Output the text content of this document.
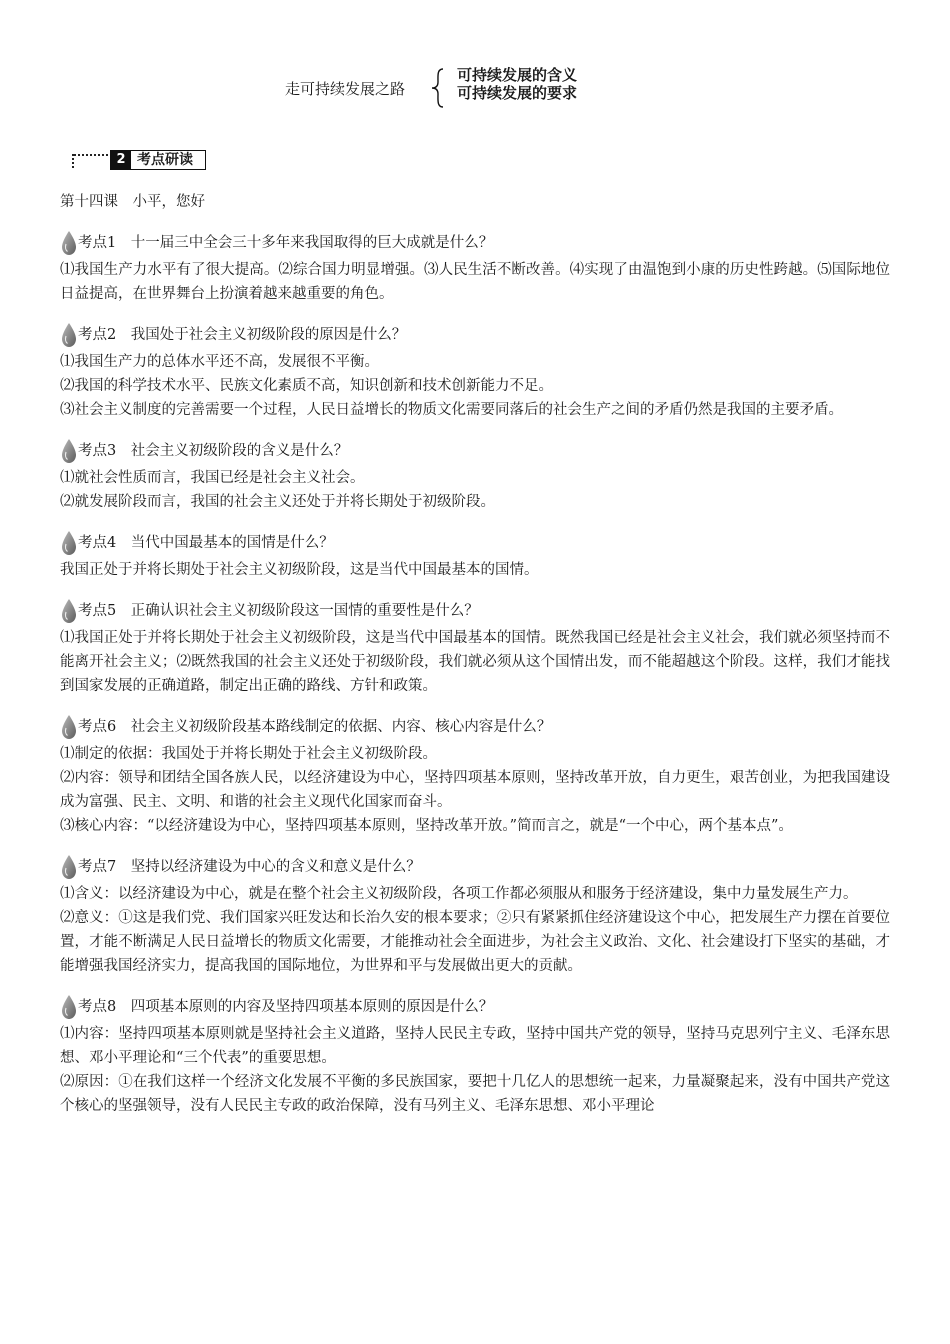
走可持续发展之路
可持续发展的含义
可持续发展的要求
2 考点研读
第十四课　小平，您好
考点1　 十一届三中全会三十多年来我国取得的巨大成就是什么？

⑴我国生产力水平有了很大提高。⑵综合国力明显增强。⑶人民生活不断改善。⑷实现了由温饱到小康的历史性跨越。⑸国际地位日益提高，在世界舞台上扮演着越来越重要的角色。

考点2　 我国处于社会主义初级阶段的原因是什么？

⑴我国生产力的总体水平还不高，发展很不平衡。

⑵我国的科学技术水平、民族文化素质不高，知识创新和技术创新能力不足。

⑶社会主义制度的完善需要一个过程，人民日益增长的物质文化需要同落后的社会生产之间的矛盾仍然是我国的主要矛盾。

考点3　 社会主义初级阶段的含义是什么？

⑴就社会性质而言，我国已经是社会主义社会。

⑵就发展阶段而言，我国的社会主义还处于并将长期处于初级阶段。

考点4　 当代中国最基本的国情是什么？

我国正处于并将长期处于社会主义初级阶段，这是当代中国最基本的国情。

考点5　 正确认识社会主义初级阶段这一国情的重要性是什么？

⑴我国正处于并将长期处于社会主义初级阶段，这是当代中国最基本的国情。既然我国已经是社会主义社会，我们就必须坚持而不能离开社会主义；⑵既然我国的社会主义还处于初级阶段，我们就必须从这个国情出发，而不能超越这个阶段。这样，我们才能找到国家发展的正确道路，制定出正确的路线、方针和政策。

考点6　 社会主义初级阶段基本路线制定的依据、内容、核心内容是什么？

⑴制定的依据：我国处于并将长期处于社会主义初级阶段。

⑵内容：领导和团结全国各族人民，以经济建设为中心，坚持四项基本原则，坚持改革开放，自力更生，艰苦创业，为把我国建设成为富强、民主、文明、和谐的社会主义现代化国家而奋斗。

⑶核心内容：“以经济建设为中心，坚持四项基本原则，坚持改革开放。”简而言之，就是“一个中心，两个基本点”。

考点7　 坚持以经济建设为中心的含义和意义是什么？

⑴含义：以经济建设为中心，就是在整个社会主义初级阶段，各项工作都必须服从和服务于经济建设，集中力量发展生产力。

⑵意义：①这是我们党、我们国家兴旺发达和长治久安的根本要求；②只有紧紧抓住经济建设这个中心，把发展生产力摆在首要位置，才能不断满足人民日益增长的物质文化需要，才能推动社会全面进步，为社会主义政治、文化、社会建设打下坚实的基础，才能增强我国经济实力，提高我国的国际地位，为世界和平与发展做出更大的贡献。

考点8　 四项基本原则的内容及坚持四项基本原则的原因是什么？

⑴内容：坚持四项基本原则就是坚持社会主义道路，坚持人民民主专政，坚持中国共产党的领导，坚持马克思列宁主义、毛泽东思想、邓小平理论和“三个代表”的重要思想。

⑵原因：①在我们这样一个经济文化发展不平衡的多民族国家，要把十几亿人的思想统一起来，力量凝聚起来，没有中国共产党这个核心的坚强领导，没有人民民主专政的政治保障，没有马列主义、毛泽东思想、邓小平理论
